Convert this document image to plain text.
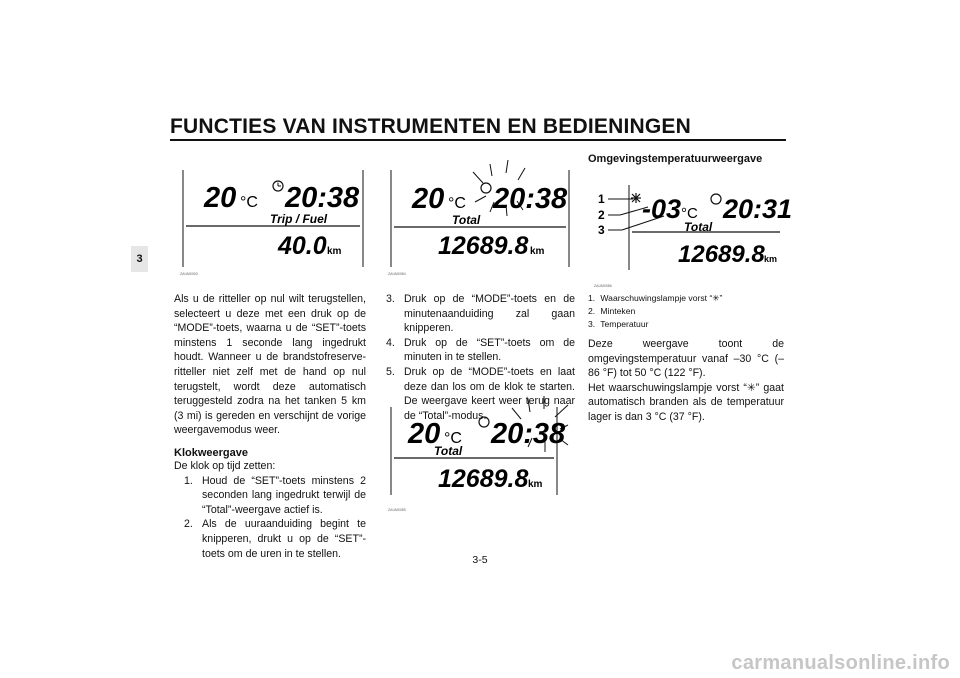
FUNCTIES VAN INSTRUMENTEN EN BEDIENINGEN
3
20 °C 20:38
Trip / Fuel
40.0 km
ZAUM0000
20 °C 20:38
Total
12689.8 km
ZAUM0084
20 °C 20:38
Total
12689.8 km
ZAUM0085
1
2
3
-03 °C 20:31
Total
12689.8 km
ZAUM0086

Als u de ritteller op nul wilt terugstellen, selecteert u deze met een druk op de “MODE”-toets, waarna u de “SET”-toets minstens 1 seconde lang ingedrukt houdt. Wanneer u de brandstofreserve-ritteller niet zelf met de hand op nul terugstelt, wordt deze automatisch teruggesteld zodra na het tanken 5 km (3 mi) is gereden en verschijnt de vorige weergavemodus weer.

Klokweergave
De klok op tijd zetten:
1. Houd de “SET”-toets minstens 2 seconden lang ingedrukt terwijl de “Total”-weergave actief is.
2. Als de uuraanduiding begint te knipperen, drukt u op de “SET”-toets om de uren in te stellen.
3. Druk op de “MODE”-toets en de minutenaanduiding zal gaan knipperen.
4. Druk op de “SET”-toets om de minuten in te stellen.
5. Druk op de “MODE”-toets en laat deze dan los om de klok te starten. De weergave keert weer terug naar de “Total”-modus.
Omgevingstemperatuurweergave
1. Waarschuwingslampje vorst “✳”
2. Minteken
3. Temperatuur

Deze weergave toont de omgevingstemperatuur vanaf –30 °C (–86 °F) tot 50 °C (122 °F).

Het waarschuwingslampje vorst “✳” gaat automatisch branden als de temperatuur lager is dan 3 °C (37 °F).

3-5
carmanualsonline.info
